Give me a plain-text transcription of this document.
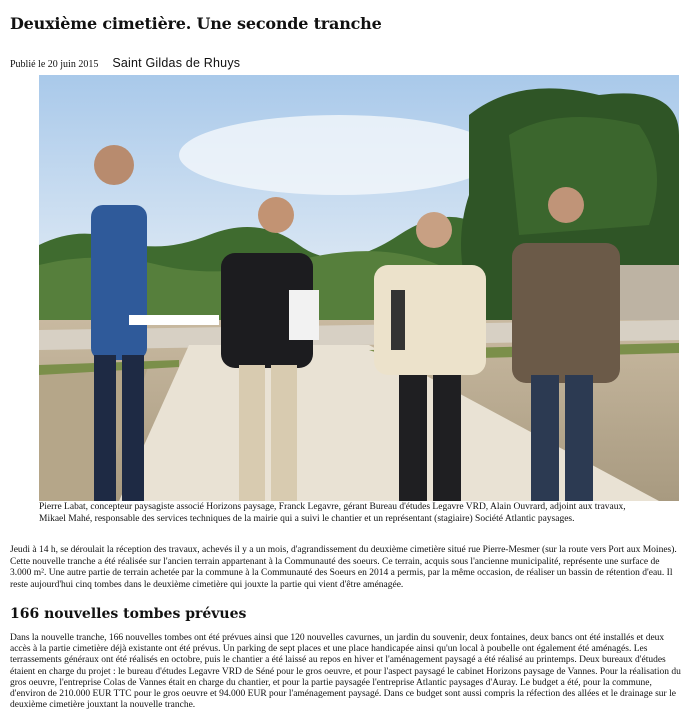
Deuxième cimetière. Une seconde tranche
Publié le 20 juin 2015 Saint Gildas de Rhuys

Pierre Labat, concepteur paysagiste associé Horizons paysage, Franck Legavre, gérant Bureau d'études Legavre VRD, Alain Ouvrard, adjoint aux travaux, Mikael Mahé, responsable des services techniques de la mairie qui a suivi le chantier et un représentant (stagiaire) Société Atlantic paysages.

Jeudi à 14 h, se déroulait la réception des travaux, achevés il y a un mois, d'agrandissement du deuxième cimetière situé rue Pierre-Mesmer (sur la route vers Port aux Moines). Cette nouvelle tranche a été réalisée sur l'ancien terrain appartenant à la Communauté des soeurs. Ce terrain, acquis sous l'ancienne municipalité, représente une surface de 3.000 m². Une autre partie de terrain achetée par la commune à la Communauté des Soeurs en 2014 a permis, par la même occasion, de réaliser un bassin de rétention d'eau. Il reste aujourd'hui cinq tombes dans le deuxième cimetière qui jouxte la partie qui vient d'être aménagée.

166 nouvelles tombes prévues

Dans la nouvelle tranche, 166 nouvelles tombes ont été prévues ainsi que 120 nouvelles cavurnes, un jardin du souvenir, deux fontaines, deux bancs ont été installés et deux accès à la partie cimetière déjà existante ont été prévus. Un parking de sept places et une place handicapée ainsi qu'un local à poubelle ont également été aménagés. Les terrassements généraux ont été réalisés en octobre, puis le chantier a été laissé au repos en hiver et l'aménagement paysagé a été réalisé au printemps. Deux bureaux d'études étaient en charge du projet : le bureau d'études Legavre VRD de Séné pour le gros oeuvre, et pour l'aspect paysagé le cabinet Horizons paysage de Vannes. Pour la réalisation du gros oeuvre, l'entreprise Colas de Vannes était en charge du chantier, et pour la partie paysagée l'entreprise Atlantic paysages d'Auray. Le budget a été, pour la commune, d'environ de 210.000 EUR TTC pour le gros oeuvre et 94.000 EUR pour l'aménagement paysagé. Dans ce budget sont aussi compris la réfection des allées et le drainage sur le deuxième cimetière jouxtant la nouvelle tranche.
